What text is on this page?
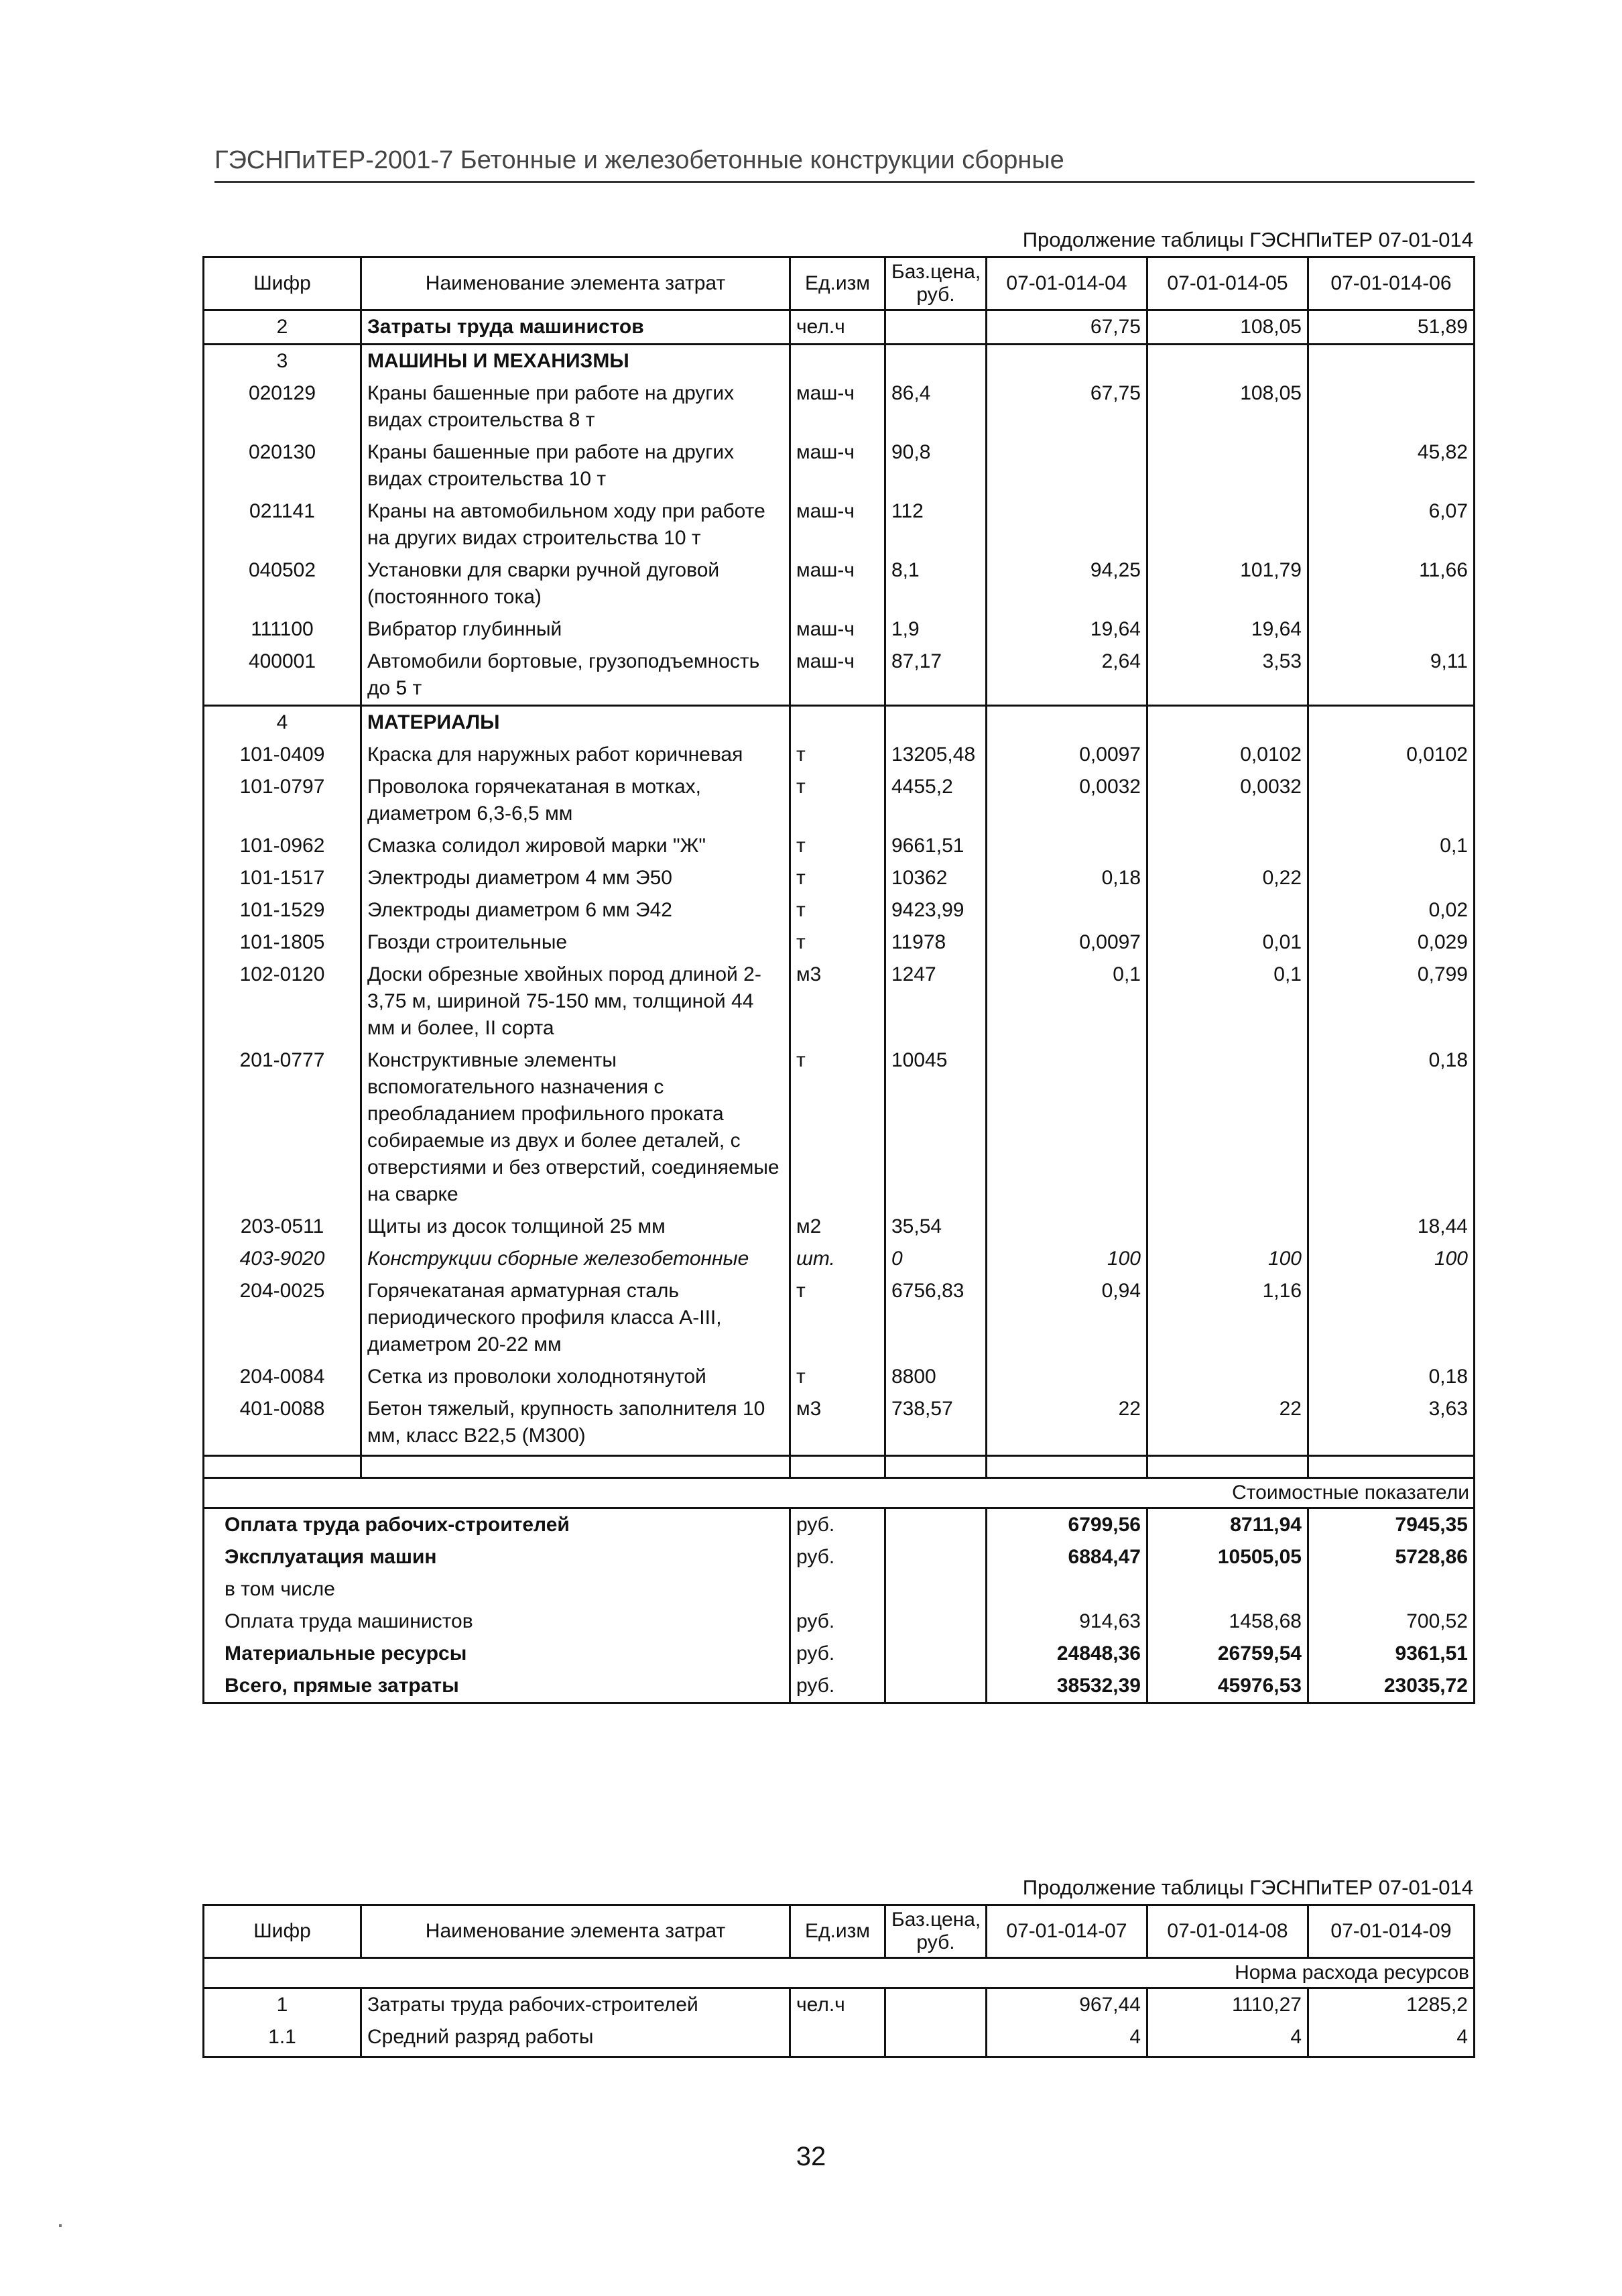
ГЭСНПиТЕР-2001-7 Бетонные и железобетонные конструкции сборные
Продолжение таблицы ГЭСНПиТЕР 07-01-014
Шифр	Наименование элемента затрат	Ед.изм	Баз.цена, руб.	07-01-014-04	07-01-014-05	07-01-014-06
2	Затраты труда машинистов	чел.ч		67,75	108,05	51,89
3	МАШИНЫ И МЕХАНИЗМЫ					
020129	Краны башенные при работе на других видах строительства 8 т	маш-ч	86,4	67,75	108,05	
020130	Краны башенные при работе на других видах строительства 10 т	маш-ч	90,8			45,82
021141	Краны на автомобильном ходу при работе на других видах строительства 10 т	маш-ч	112			6,07
040502	Установки для сварки ручной дуговой (постоянного тока)	маш-ч	8,1	94,25	101,79	11,66
111100	Вибратор глубинный	маш-ч	1,9	19,64	19,64	
400001	Автомобили бортовые, грузоподъемность до 5 т	маш-ч	87,17	2,64	3,53	9,11
4	МАТЕРИАЛЫ					
101-0409	Краска для наружных работ коричневая	т	13205,48	0,0097	0,0102	0,0102
101-0797	Проволока горячекатаная в мотках, диаметром 6,3-6,5 мм	т	4455,2	0,0032	0,0032	
101-0962	Смазка солидол жировой марки "Ж"	т	9661,51			0,1
101-1517	Электроды диаметром 4 мм Э50	т	10362	0,18	0,22	
101-1529	Электроды диаметром 6 мм Э42	т	9423,99			0,02
101-1805	Гвозди строительные	т	11978	0,0097	0,01	0,029
102-0120	Доски обрезные хвойных пород длиной 2-3,75 м, шириной 75-150 мм, толщиной 44 мм и более, II сорта	м3	1247	0,1	0,1	0,799
201-0777	Конструктивные элементы вспомогательного назначения с преобладанием профильного проката собираемые из двух и более деталей, с отверстиями и без отверстий, соединяемые на сварке	т	10045			0,18
203-0511	Щиты из досок толщиной 25 мм	м2	35,54			18,44
403-9020	Конструкции сборные железобетонные	шт.	0	100	100	100
204-0025	Горячекатаная арматурная сталь периодического профиля класса А-III, диаметром 20-22 мм	т	6756,83	0,94	1,16	
204-0084	Сетка из проволоки холоднотянутой	т	8800			0,18
401-0088	Бетон тяжелый, крупность заполнителя 10 мм, класс В22,5 (М300)	м3	738,57	22	22	3,63

Стоимостные показатели						
Оплата труда рабочих-строителей		руб.		6799,56	8711,94	7945,35
Эксплуатация машин		руб.		6884,47	10505,05	5728,86
в том числе						
Оплата труда машинистов		руб.		914,63	1458,68	700,52
Материальные ресурсы		руб.		24848,36	26759,54	9361,51
Всего, прямые затраты		руб.		38532,39	45976,53	23035,72
Продолжение таблицы ГЭСНПиТЕР 07-01-014
Шифр	Наименование элемента затрат	Ед.изм	Баз.цена, руб.	07-01-014-07	07-01-014-08	07-01-014-09
Норма расхода ресурсов						
1	Затраты труда рабочих-строителей	чел.ч		967,44	1110,27	1285,2
1.1	Средний разряд работы			4	4	4
32
